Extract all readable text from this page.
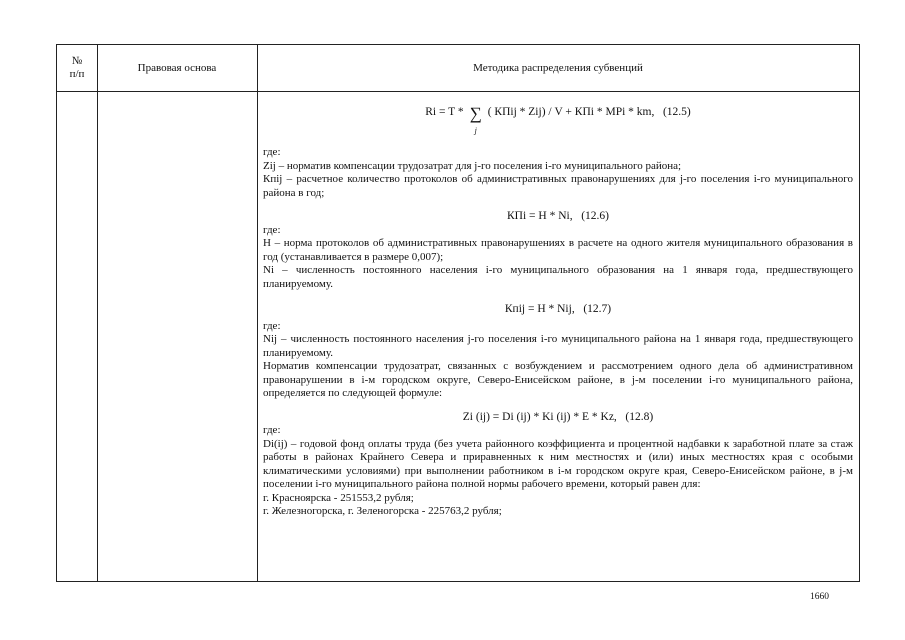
№ п/п
Правовая основа	Методика распределения субвенций
Ri = T * ∑
j
( КПij * Zij) / V + КПi * MPi * km,   (12.5)

где:

Zij – норматив компенсации трудозатрат для j-го поселения i-го муниципального района;

Кпij – расчетное количество протоколов об административных правонарушениях для j-го поселения i-го муниципального района в год;

КПi = H * Ni,   (12.6)

где:

Н – норма протоколов об административных правонарушениях в расчете на одного жителя муниципального образования в год (устанавливается в размере 0,007);

Ni – численность постоянного населения i-го муниципального образования на 1 января года, предшествующего планируемому.

Кпij = H * Nij,   (12.7)

где:

Nij – численность постоянного населения j-го поселения i-го муниципального района на 1 января года, предшествующего планируемому.

Норматив компенсации трудозатрат, связанных с возбуждением и рассмотрением одного дела об административном правонарушении в i-м городском округе, Северо-Енисейском районе, в j-м поселении i-го муниципального района, определяется по следующей формуле:

Zi (ij) = Di (ij) * Ki (ij) * E * Kz,   (12.8)

где:

Di(ij) – годовой фонд оплаты труда (без учета районного коэффициента и процентной надбавки к заработной плате за стаж работы в районах Крайнего Севера и приравненных к ним местностях и (или) иных местностях края с особыми климатическими условиями) при выполнении работником в i-м городском округе края, Северо-Енисейском районе, в j-м поселении i-го муниципального района полной нормы рабочего времени, который равен для:

г. Красноярска - 251553,2 рубля;

г. Железногорска, г. Зеленогорска - 225763,2 рубля;

1660
